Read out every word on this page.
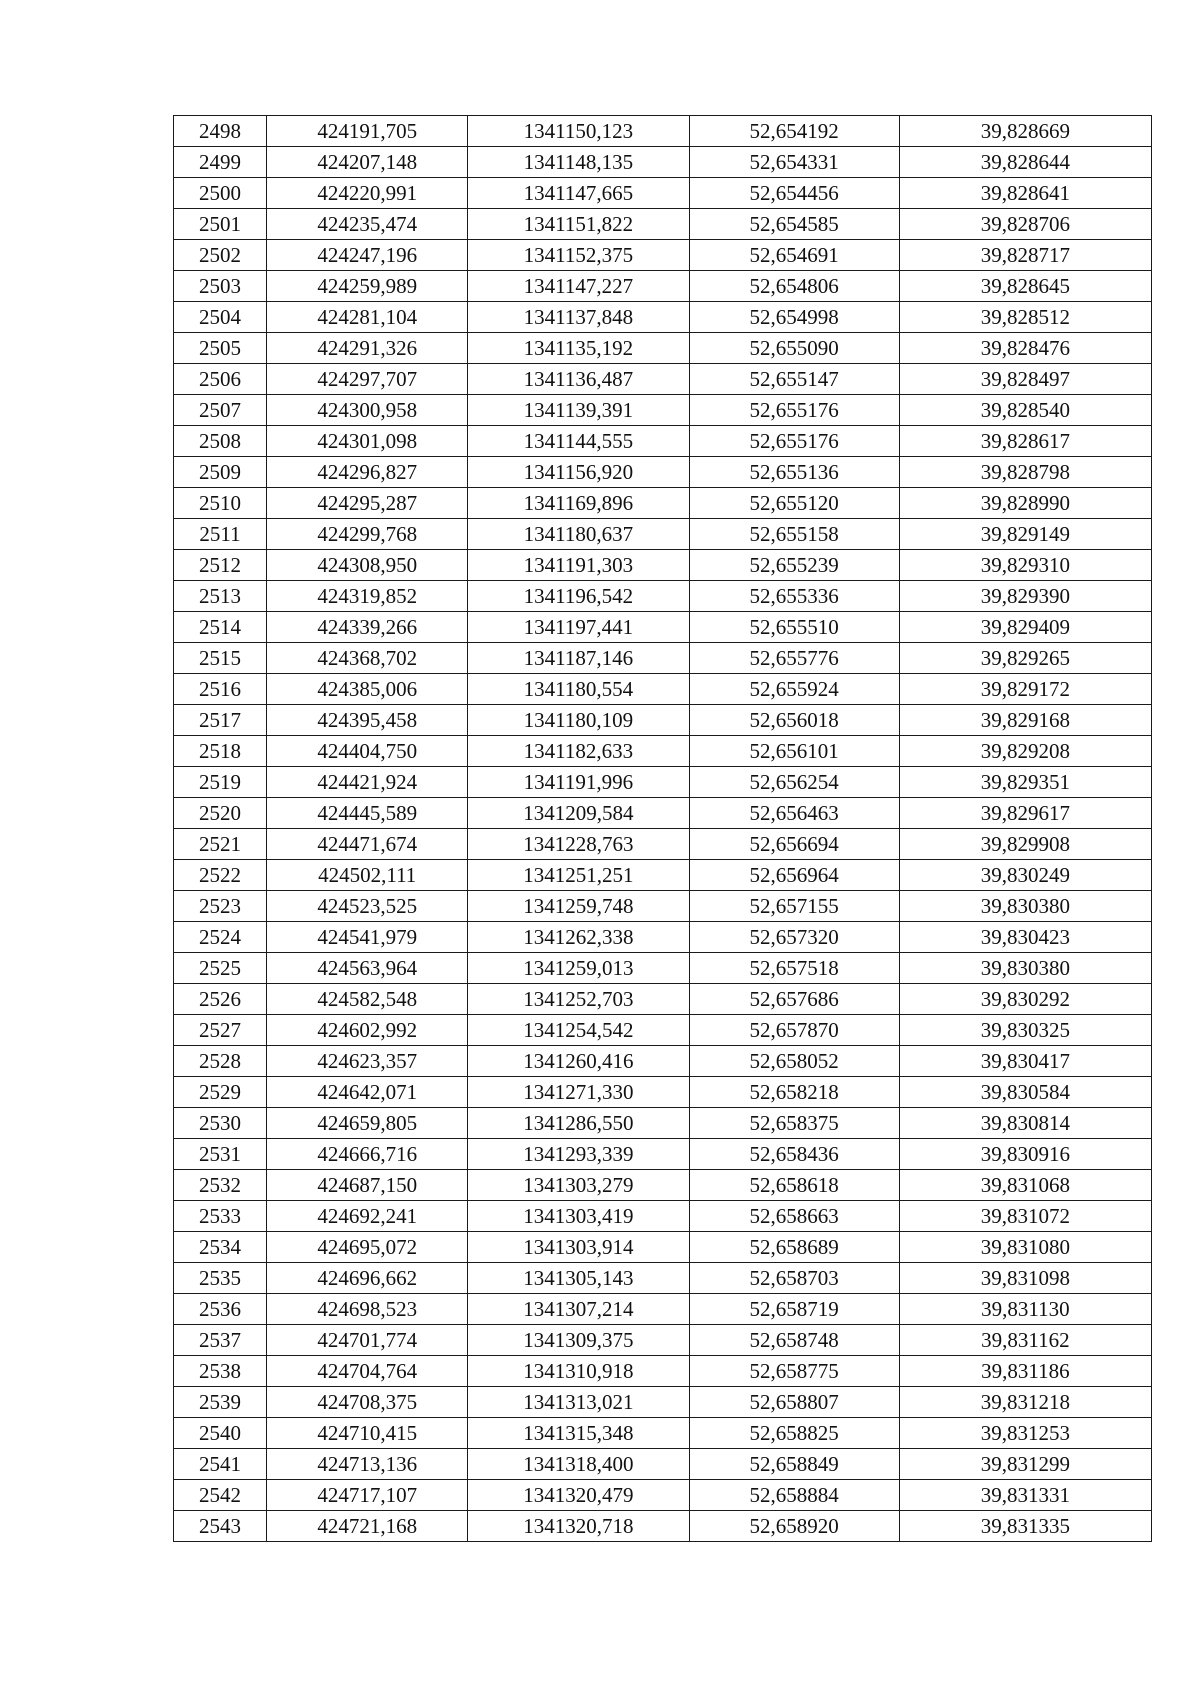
2498	424191,705	1341150,123	52,654192	39,828669
2499	424207,148	1341148,135	52,654331	39,828644
2500	424220,991	1341147,665	52,654456	39,828641
2501	424235,474	1341151,822	52,654585	39,828706
2502	424247,196	1341152,375	52,654691	39,828717
2503	424259,989	1341147,227	52,654806	39,828645
2504	424281,104	1341137,848	52,654998	39,828512
2505	424291,326	1341135,192	52,655090	39,828476
2506	424297,707	1341136,487	52,655147	39,828497
2507	424300,958	1341139,391	52,655176	39,828540
2508	424301,098	1341144,555	52,655176	39,828617
2509	424296,827	1341156,920	52,655136	39,828798
2510	424295,287	1341169,896	52,655120	39,828990
2511	424299,768	1341180,637	52,655158	39,829149
2512	424308,950	1341191,303	52,655239	39,829310
2513	424319,852	1341196,542	52,655336	39,829390
2514	424339,266	1341197,441	52,655510	39,829409
2515	424368,702	1341187,146	52,655776	39,829265
2516	424385,006	1341180,554	52,655924	39,829172
2517	424395,458	1341180,109	52,656018	39,829168
2518	424404,750	1341182,633	52,656101	39,829208
2519	424421,924	1341191,996	52,656254	39,829351
2520	424445,589	1341209,584	52,656463	39,829617
2521	424471,674	1341228,763	52,656694	39,829908
2522	424502,111	1341251,251	52,656964	39,830249
2523	424523,525	1341259,748	52,657155	39,830380
2524	424541,979	1341262,338	52,657320	39,830423
2525	424563,964	1341259,013	52,657518	39,830380
2526	424582,548	1341252,703	52,657686	39,830292
2527	424602,992	1341254,542	52,657870	39,830325
2528	424623,357	1341260,416	52,658052	39,830417
2529	424642,071	1341271,330	52,658218	39,830584
2530	424659,805	1341286,550	52,658375	39,830814
2531	424666,716	1341293,339	52,658436	39,830916
2532	424687,150	1341303,279	52,658618	39,831068
2533	424692,241	1341303,419	52,658663	39,831072
2534	424695,072	1341303,914	52,658689	39,831080
2535	424696,662	1341305,143	52,658703	39,831098
2536	424698,523	1341307,214	52,658719	39,831130
2537	424701,774	1341309,375	52,658748	39,831162
2538	424704,764	1341310,918	52,658775	39,831186
2539	424708,375	1341313,021	52,658807	39,831218
2540	424710,415	1341315,348	52,658825	39,831253
2541	424713,136	1341318,400	52,658849	39,831299
2542	424717,107	1341320,479	52,658884	39,831331
2543	424721,168	1341320,718	52,658920	39,831335
